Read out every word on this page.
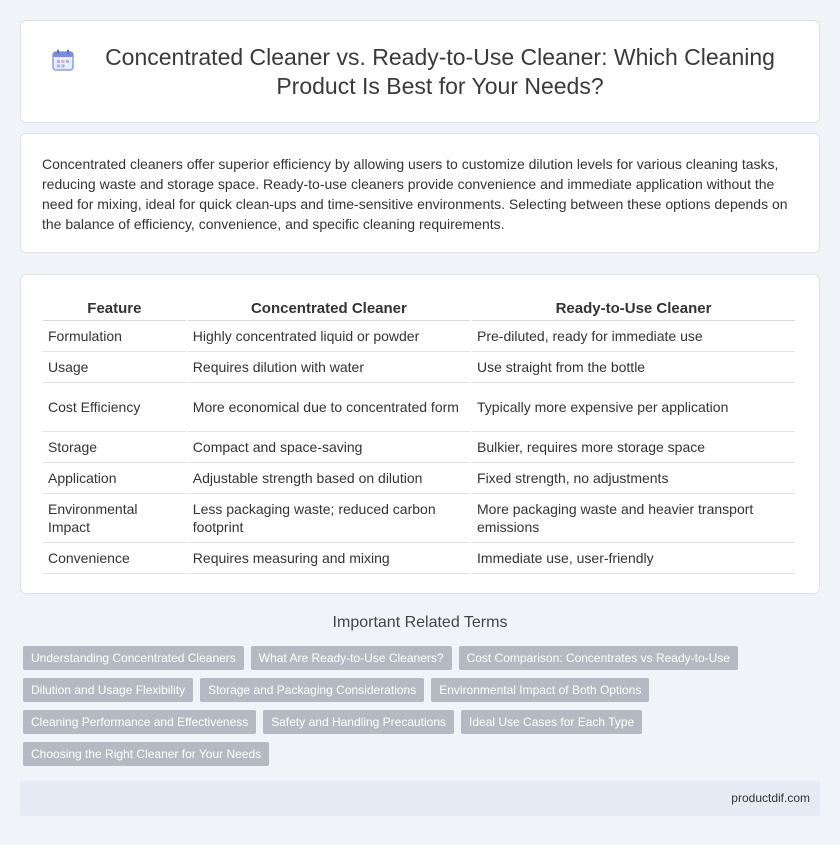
Concentrated Cleaner vs. Ready-to-Use Cleaner: Which Cleaning Product Is Best for Your Needs?

Concentrated cleaners offer superior efficiency by allowing users to customize dilution levels for various cleaning tasks, reducing waste and storage space. Ready-to-use cleaners provide convenience and immediate application without the need for mixing, ideal for quick clean-ups and time-sensitive environments. Selecting between these options depends on the balance of efficiency, convenience, and specific cleaning requirements.

Feature	Concentrated Cleaner	Ready-to-Use Cleaner
Formulation	Highly concentrated liquid or powder	Pre-diluted, ready for immediate use
Usage	Requires dilution with water	Use straight from the bottle
Cost Efficiency	More economical due to concentrated form	Typically more expensive per application
Storage	Compact and space-saving	Bulkier, requires more storage space
Application	Adjustable strength based on dilution	Fixed strength, no adjustments
Environmental Impact	Less packaging waste; reduced carbon footprint	More packaging waste and heavier transport emissions
Convenience	Requires measuring and mixing	Immediate use, user-friendly
Important Related Terms
Understanding Concentrated Cleaners	What Are Ready-to-Use Cleaners?	Cost Comparison: Concentrates vs Ready-to-Use
Dilution and Usage Flexibility	Storage and Packaging Considerations	Environmental Impact of Both Options
Cleaning Performance and Effectiveness	Safety and Handling Precautions	Ideal Use Cases for Each Type
Choosing the Right Cleaner for Your Needs
productdif.com
